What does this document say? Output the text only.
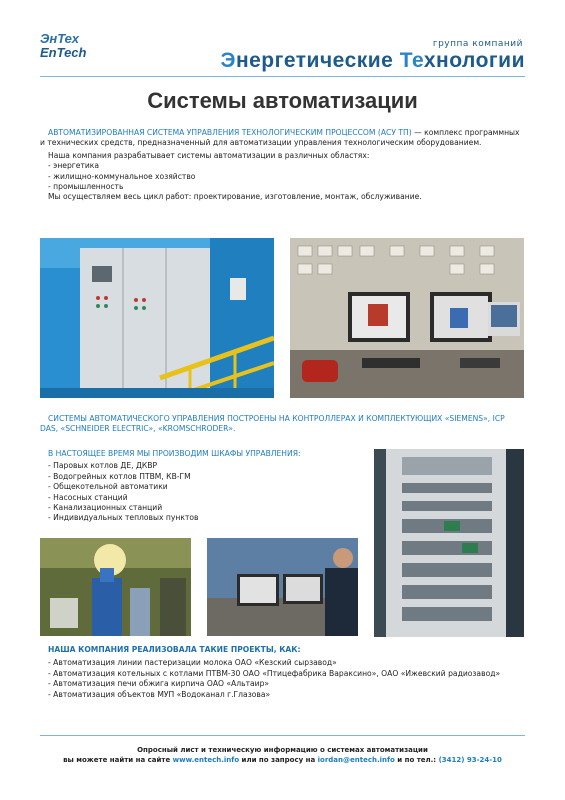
ЭнТех
EnTech
группа компаний
Энергетические Технологии
Системы автоматизации
АВТОМАТИЗИРОВАННАЯ СИСТЕМА УПРАВЛЕНИЯ ТЕХНОЛОГИЧЕСКИМ ПРОЦЕССОМ (АСУ ТП) — комплекс программных и технических средств, предназначенный для автоматизации управления технологическим оборудованием.
Наша компания разрабатывает системы автоматизации в различных областях:
- энергетика
- жилищно-коммунальное хозяйство
- промышленность
Мы осуществляем весь цикл работ: проектирование, изготовление, монтаж, обслуживание.
СИСТЕМЫ АВТОМАТИЧЕСКОГО УПРАВЛЕНИЯ ПОСТРОЕНЫ НА КОНТРОЛЛЕРАХ И КОМПЛЕКТУЮЩИХ «SIEMENS», ICP DAS, «SCHNEIDER ELECTRIC», «KROMSCHRODER».
В НАСТОЯЩЕЕ ВРЕМЯ МЫ ПРОИЗВОДИМ ШКАФЫ УПРАВЛЕНИЯ:
- Паровых котлов ДЕ, ДКВР
- Водогрейных котлов ПТВМ, КВ-ГМ
- Общекотельной автоматики
- Насосных станций
- Канализационных станций
- Индивидуальных тепловых пунктов
НАША КОМПАНИЯ РЕАЛИЗОВАЛА ТАКИЕ ПРОЕКТЫ, КАК:
- Автоматизация линии пастеризации молока ОАО «Кезский сырзавод»
- Автоматизация котельных с котлами ПТВМ-30 ОАО «Птицефабрика Вараксино», ОАО «Ижевский радиозавод»
- Автоматизация печи обжига кирпича ОАО «Альтаир»
- Автоматизация объектов МУП «Водоканал г.Глазова»
Опросный лист и техническую информацию о системах автоматизации
вы можете найти на сайте www.entech.info или по запросу на iordan@entech.info и по тел.: (3412) 93-24-10
